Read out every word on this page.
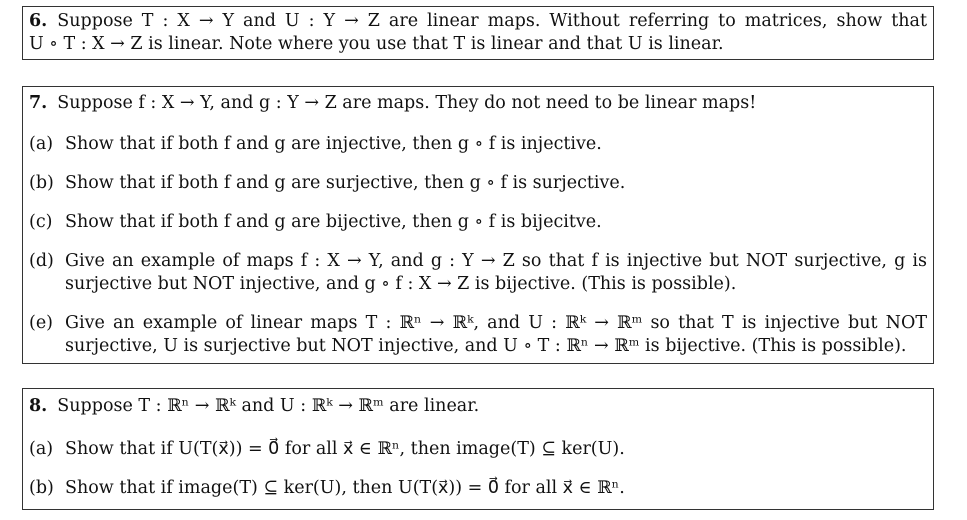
6. Suppose T : X → Y and U : Y → Z are linear maps. Without referring to matrices, show that
U ∘ T : X → Z is linear. Note where you use that T is linear and that U is linear.
7. Suppose f : X → Y, and g : Y → Z are maps. They do not need to be linear maps!
(a) Show that if both f and g are injective, then g ∘ f is injective.
(b) Show that if both f and g are surjective, then g ∘ f is surjective.
(c) Show that if both f and g are bijective, then g ∘ f is bijecitve.
(d) Give an example of maps f : X → Y, and g : Y → Z so that f is injective but NOT surjective, g is
surjective but NOT injective, and g ∘ f : X → Z is bijective. (This is possible).
(e) Give an example of linear maps T : ℝⁿ → ℝᵏ, and U : ℝᵏ → ℝᵐ so that T is injective but NOT
surjective, U is surjective but NOT injective, and U ∘ T : ℝⁿ → ℝᵐ is bijective. (This is possible).
8. Suppose T : ℝⁿ → ℝᵏ and U : ℝᵏ → ℝᵐ are linear.
(a) Show that if U(T(x⃗)) = 0⃗ for all x⃗ ∈ ℝⁿ, then image(T) ⊆ ker(U).
(b) Show that if image(T) ⊆ ker(U), then U(T(x⃗)) = 0⃗ for all x⃗ ∈ ℝⁿ.
